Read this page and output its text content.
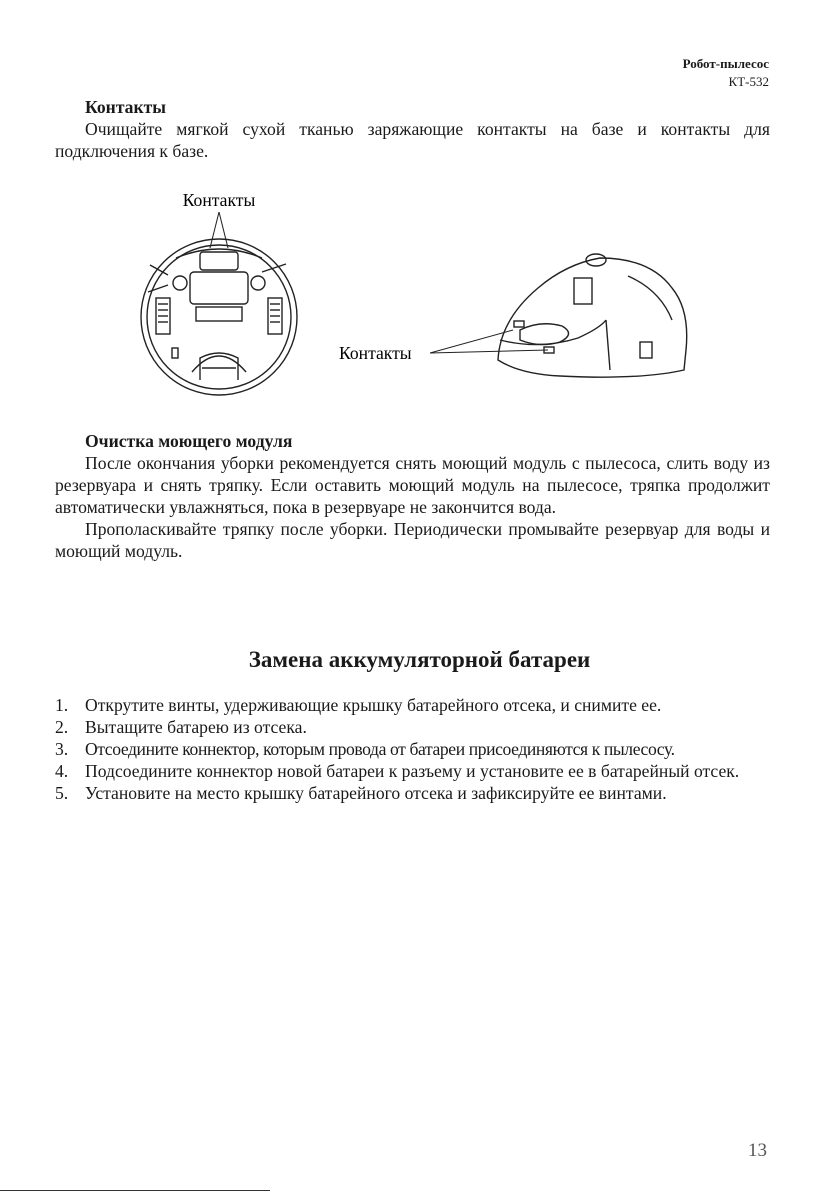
Робот-пылесос
КТ-532
Контакты

Очищайте мягкой сухой тканью заряжающие контакты на базе и контакты для подключения к базе.

Контакты
Контакты
Очистка моющего модуля

После окончания уборки рекомендуется снять моющий модуль с пылесоса, слить воду из резервуара и снять тряпку. Если оставить моющий модуль на пылесосе, тряпка продолжит автоматически увлажняться, пока в резервуаре не закончится вода.

Прополаскивайте тряпку после уборки. Периодически промывайте резервуар для воды и моющий модуль.

Замена аккумуляторной батареи
1. Открутите винты, удерживающие крышку батарейного отсека, и снимите ее.
2. Вытащите батарею из отсека.
3. Отсоедините коннектор, которым провода от батареи присоединяются к пылесосу.
4. Подсоедините коннектор новой батареи к разъему и установите ее в батарейный отсек.
5. Установите на место крышку батарейного отсека и зафиксируйте ее винтами.
13
